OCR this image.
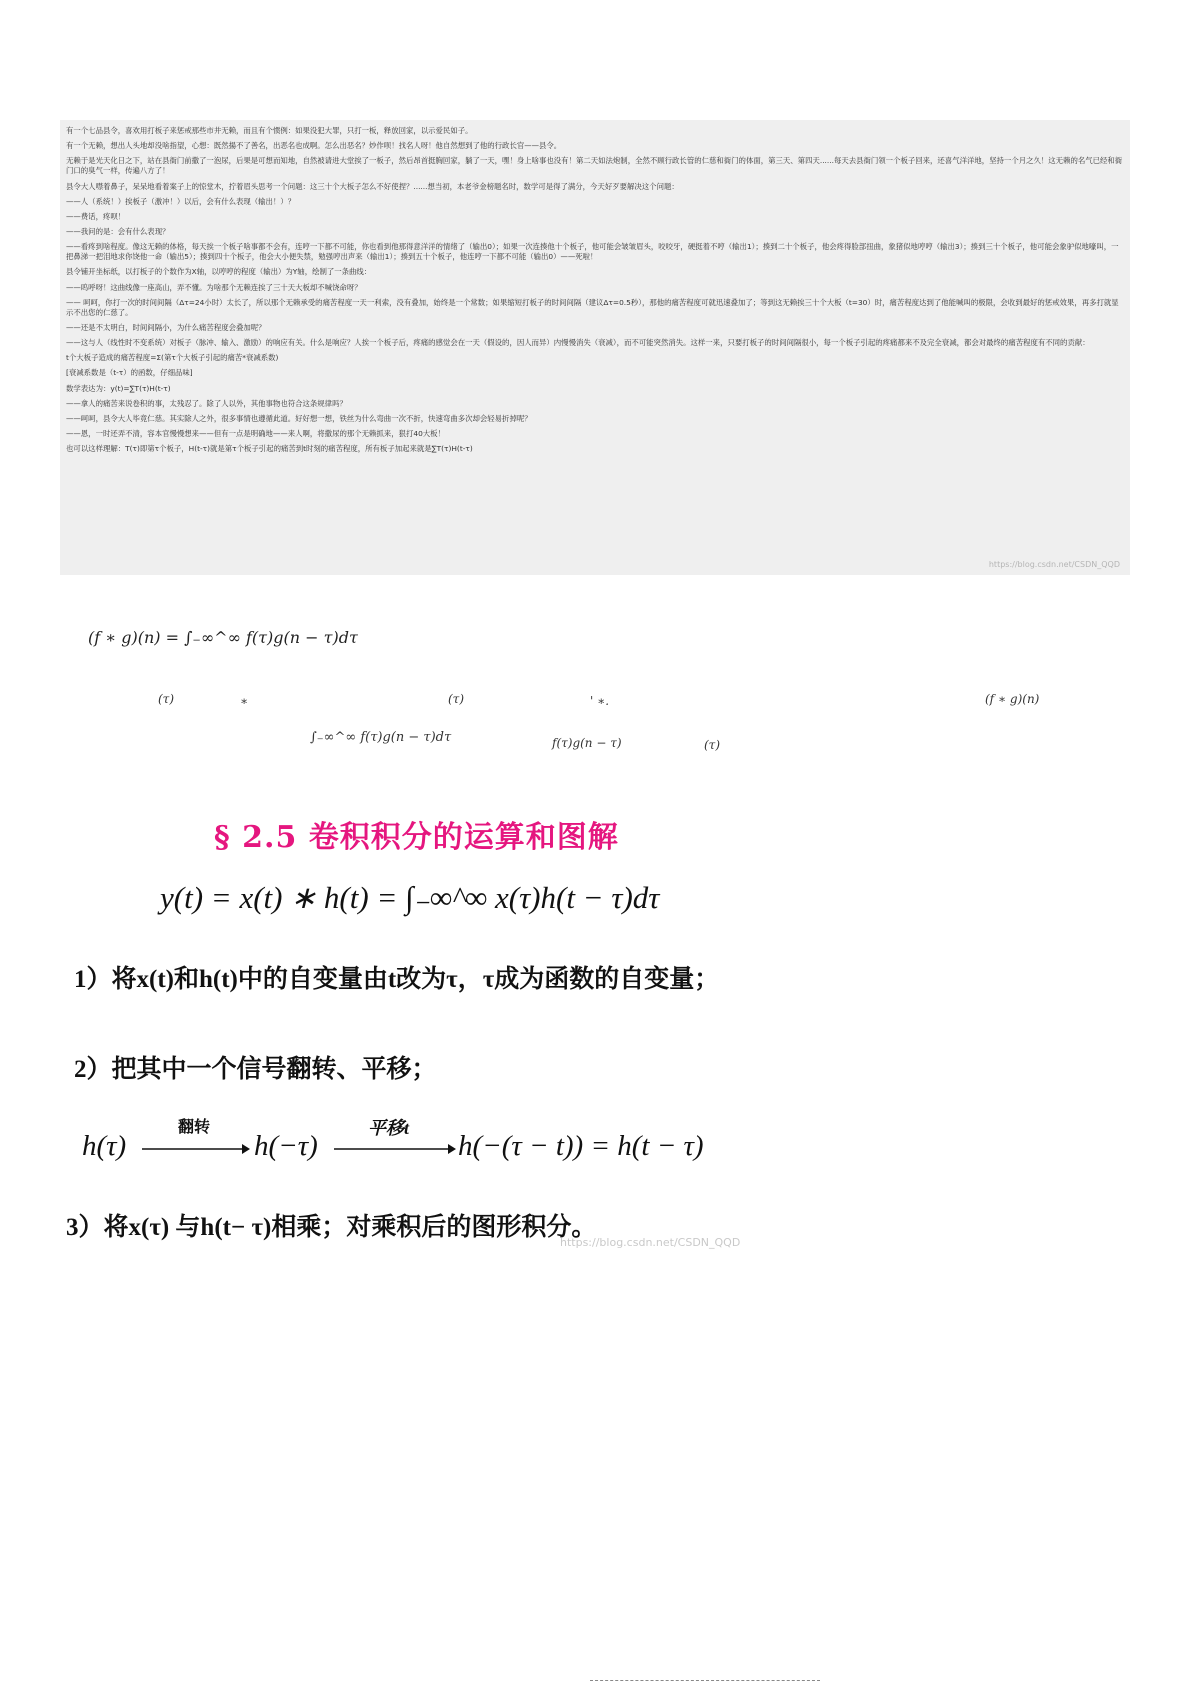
有一个七品县令，喜欢用打板子来惩戒那些市井无赖，而且有个惯例：如果没犯大罪，只打一板，释放回家，以示爱民如子。

有一个无赖，想出人头地却没啥指望，心想：既然揚不了善名，出恶名也成啊。怎么出恶名？炒作呗！找名人呀！他自然想到了他的行政长官——县令。

无赖于是光天化日之下，站在县衙门前撒了一泡尿，后果是可想而知地，自然被请进大堂挨了一板子，然后昂首挺胸回家，躺了一天，嘿！身上啥事也没有！第二天如法炮制，全然不顾行政长管的仁慈和衙门的体面，第三天、第四天......每天去县衙门领一个板子回来，还喜气洋洋地，坚持一个月之久！这无赖的名气已经和衙门口的臭气一样，传遍八方了！

县令大人噤着鼻子，呆呆地看着案子上的惊堂木，拧着眉头思考一个问题：这三十个大板子怎么不好使捏？......想当初，本老爷金榜题名时，数学可是得了满分，今天好歹要解决这个问题：

——人（系统！）挨板子（激冲！）以后，会有什么表现（输出！）？

——费话，疼呗！

——我问的是：会有什么表现？

——看疼到啥程度。像这无赖的体格，每天挨一个板子啥事都不会有，连哼一下都不可能，你也看到他那得意洋洋的情绪了（输出0）；如果一次连揍他十个板子，他可能会皱皱眉头，咬咬牙，硬挺着不哼（输出1）；揍到二十个板子，他会疼得脸部扭曲，象猪似地哼哼（输出3）；揍到三十个板子，他可能会象驴似地嚎叫，一把鼻涕一把泪地求你饶他一命（输出5）；揍到四十个板子，他会大小便失禁，勉强哼出声来（输出1）；揍到五十个板子，他连哼一下都不可能（输出0）——死啦！

县令铺开坐标纸，以打板子的个数作为X轴，以哼哼的程度（输出）为Y轴，绘制了一条曲线：

——呜呼呀！这曲线像一座高山，弄不懂。为啥那个无赖连挨了三十天大板却不喊饶命呀？

—— 呵呵，你打一次的时间间隔（Δτ=24小时）太长了，所以那个无赖承受的痛苦程度一天一利索，没有叠加，始终是一个常数；如果缩短打板子的时间间隔（建议Δτ=0.5秒），那他的痛苦程度可就迅速叠加了；等到这无赖挨三十个大板（t=30）时，痛苦程度达到了他能喊叫的极限，会收到最好的惩戒效果，再多打就显示不出您的仁慈了。

——还是不太明白，时间间隔小，为什么痛苦程度会叠加呢？

——这与人（线性时不变系统）对板子（脉冲、输入、激励）的响应有关。什么是响应？人挨一个板子后，疼痛的感觉会在一天（假设的，因人而异）内慢慢消失（衰减），而不可能突然消失。这样一来，只要打板子的时间间隔很小，每一个板子引起的疼痛都来不及完全衰减，都会对最终的痛苦程度有不同的贡献：

t个大板子造成的痛苦程度=Σ(第τ个大板子引起的痛苦*衰减系数)

[衰减系数是（t-τ）的函数，仔细品味]

数学表达为：y(t)=∑T(τ)H(t-τ)

——拿人的痛苦来说卷积的事，太残忍了。除了人以外，其他事物也符合这条规律吗？

——呵呵，县令大人毕竟仁慈。其实除人之外，很多事情也遵循此道。好好想一想，铁丝为什么弯曲一次不折，快速弯曲多次却会轻易折掉呢？

——恩，一时还弄不清，容本官慢慢想来——但有一点是明确地——来人啊，将撒尿的那个无赖抓来，狠打40大板！

也可以这样理解：T(τ)即第τ个板子，H(t-τ)就是第τ个板子引起的痛苦到t时刻的痛苦程度，所有板子加起来就是∑T(τ)H(t-τ)

https://blog.csdn.net/CSDN_QQD
(f ∗ g)(n) = ∫₋∞^∞ f(τ)g(n − τ)dτ
(τ)	∗	(τ)	' ∗.	(f ∗ g)(n)
∫₋∞^∞ f(τ)g(n − τ)dτ	f(τ)g(n − τ)	(τ)
§ 2.5 卷积积分的运算和图解
y(t) = x(t) ∗ h(t) = ∫₋∞^∞ x(τ)h(t − τ)dτ

1）将x(t)和h(t)中的自变量由t改为τ，τ成为函数的自变量；

2）把其中一个信号翻转、平移；

h(τ)
翻转
h(−τ)
平移t
h(−(τ − t)) = h(t − τ)

3）将x(τ) 与h(t− τ)相乘；对乘积后的图形积分。

https://blog.csdn.net/CSDN_QQD
